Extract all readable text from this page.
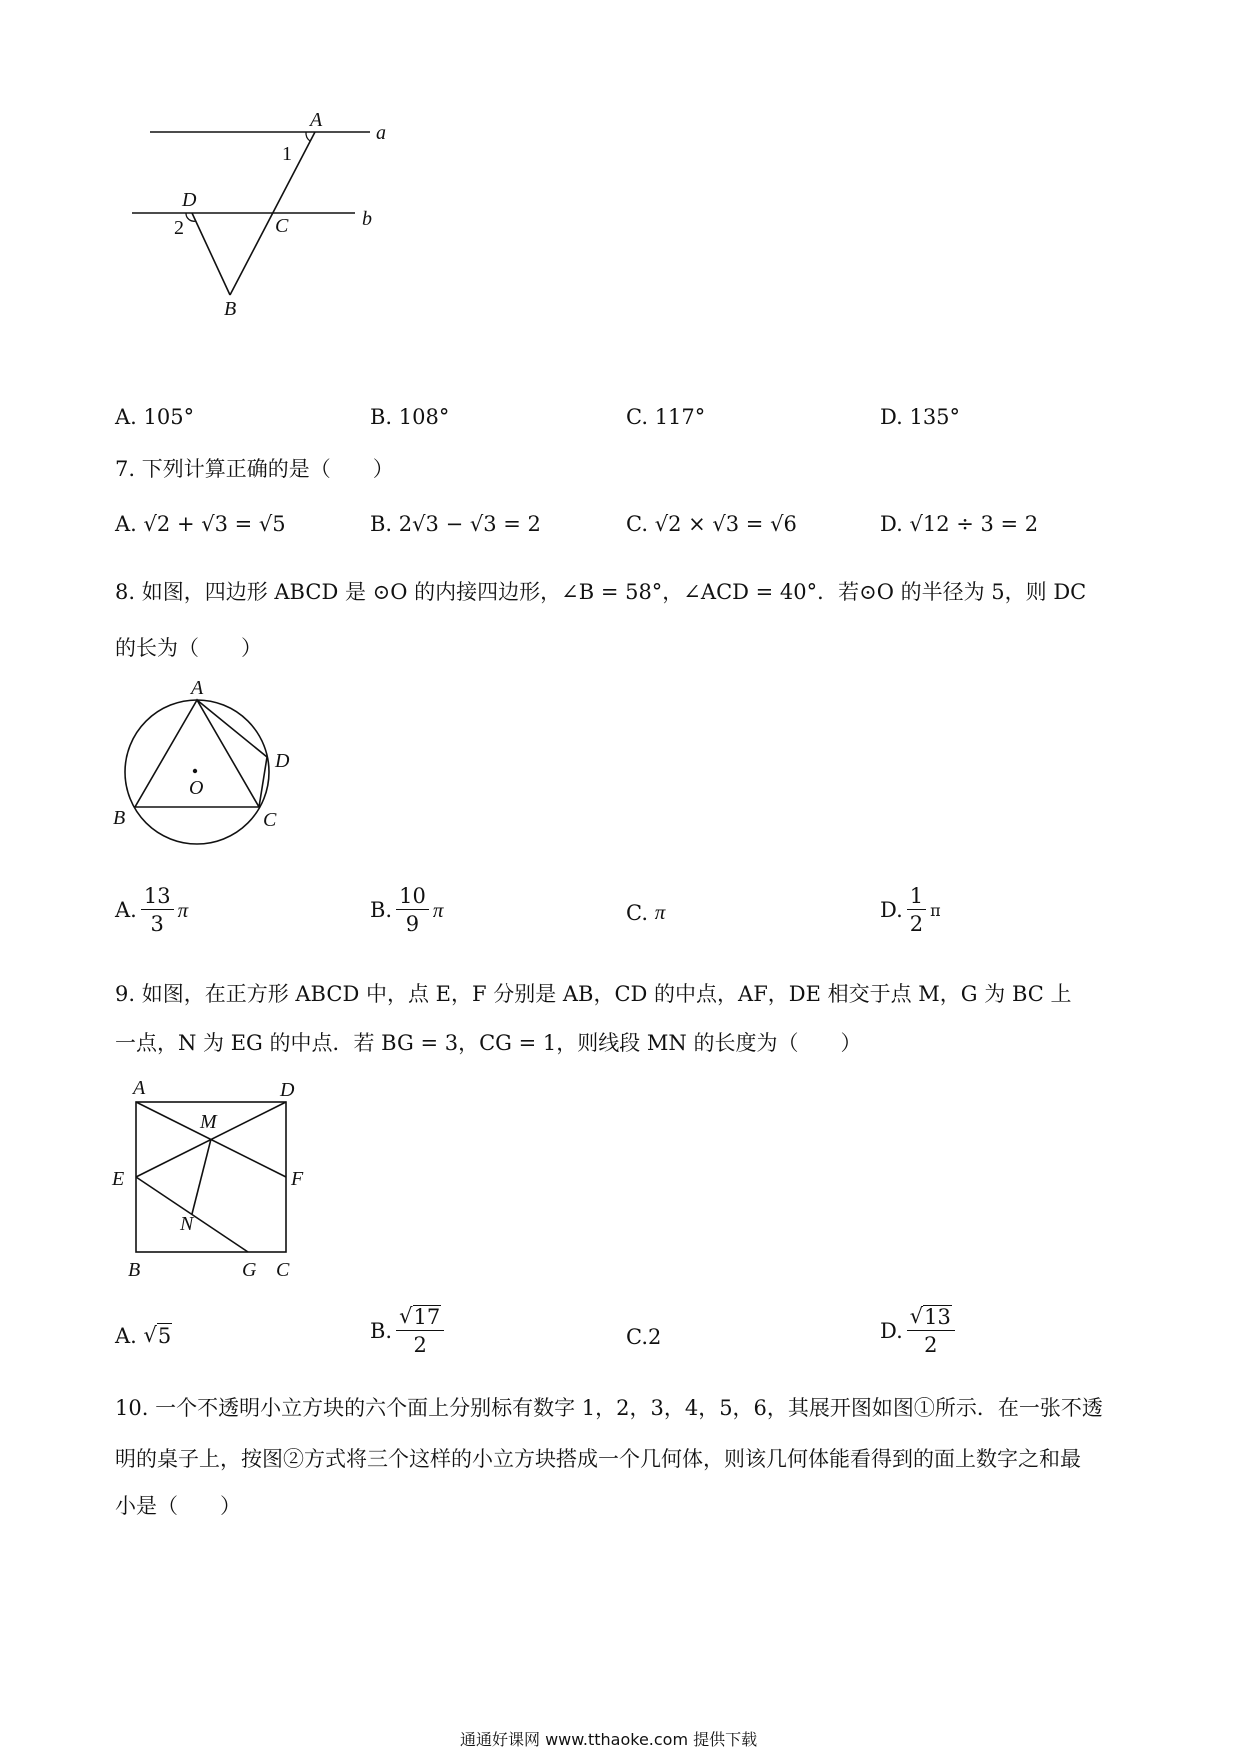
A
a
1
D
2	C	b
B
A. 105°	B. 108°	C. 117°	D. 135°
7. 下列计算正确的是（　　）
A. √2 + √3 = √5	B. 2√3 − √3 = 2	C. √2 × √3 = √6	D. √12 ÷ 3 = 2
8. 如图，四边形 ABCD 是 ⊙O 的内接四边形，∠B = 58°，∠ACD = 40°．若⊙O 的半径为 5，则 DC
的长为（　　）
A
B	C
D
O
A. $\frac{13}{3}$ π	B. $\frac{10}{9}$ π	C.
π	D. $\frac{1}{2}$ π
9. 如图，在正方形 ABCD 中，点 E，F 分别是 AB，CD 的中点，AF，DE 相交于点 M，G 为 BC 上
一点，N 为 EG 的中点．若 BG = 3，CG = 1，则线段 MN 的长度为（　　）
A	D
M
E	F
N
B	G C
A.
√ 5	B. $\frac{√ 17}{2}$	C.2	D. $\frac{√ 13}{2}$
10. 一个不透明小立方块的六个面上分别标有数字 1，2，3，4，5，6，其展开图如图①所示．在一张不透
明的桌子上，按图②方式将三个这样的小立方块搭成一个几何体，则该几何体能看得到的面上数字之和最
小是（　　）
通通好课网 www.tthaoke.com 提供下载
